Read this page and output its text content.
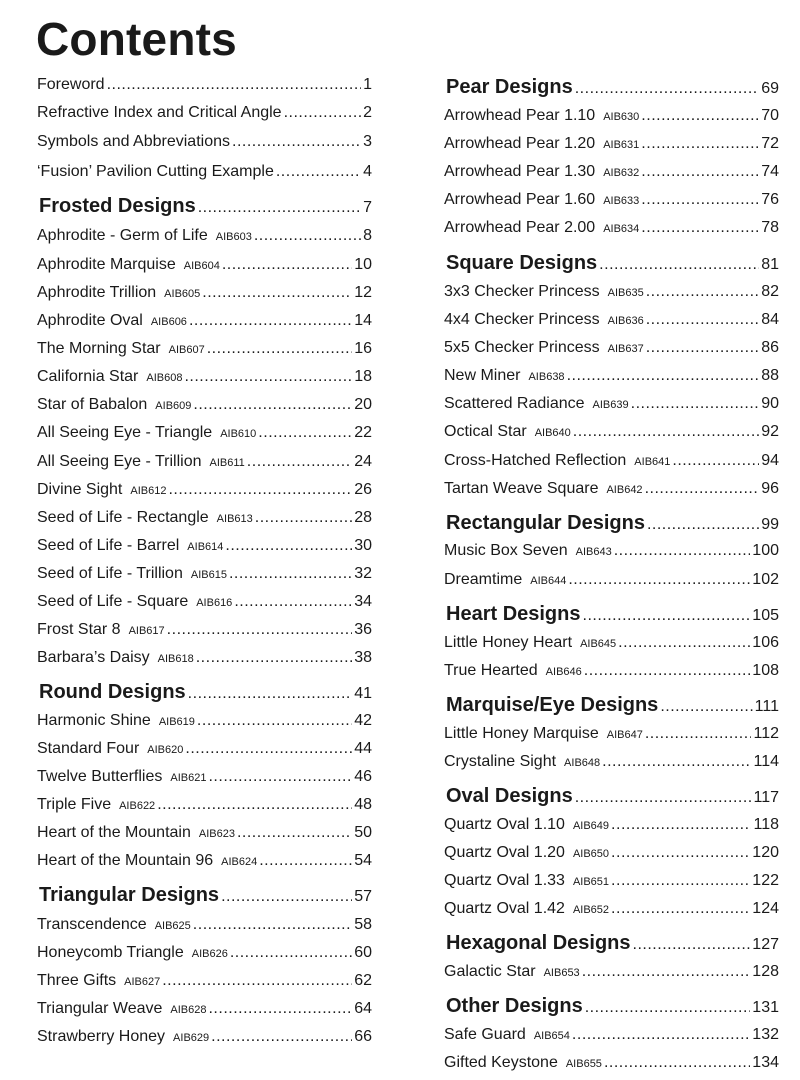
Contents
Foreword .....	1
Refractive Index and Critical Angle .....	2
Symbols and Abbreviations .....	3
‘Fusion’ Pavilion Cutting Example .....	4
Frosted Designs .....	7
Aphrodite - Germ of Life AIB603 .....	8
Aphrodite Marquise AIB604 .....	10
Aphrodite Trillion AIB605 .....	12
Aphrodite Oval AIB606 .....	14
The Morning Star AIB607 .....	16
California Star AIB608 .....	18
Star of Babalon AIB609 .....	20
All Seeing Eye - Triangle AIB610 .....	22
All Seeing Eye - Trillion AIB611 .....	24
Divine Sight AIB612 .....	26
Seed of Life - Rectangle AIB613 .....	28
Seed of Life - Barrel AIB614 .....	30
Seed of Life - Trillion AIB615 .....	32
Seed of Life - Square AIB616 .....	34
Frost Star 8 AIB617 .....	36
Barbara’s Daisy AIB618 .....	38
Round Designs .....	41
Harmonic Shine AIB619 .....	42
Standard Four AIB620 .....	44
Twelve Butterflies AIB621 .....	46
Triple Five AIB622 .....	48
Heart of the Mountain AIB623 .....	50
Heart of the Mountain 96 AIB624 .....	54
Triangular Designs .....	57
Transcendence AIB625 .....	58
Honeycomb Triangle AIB626 .....	60
Three Gifts AIB627 .....	62
Triangular Weave AIB628 .....	64
Strawberry Honey AIB629 .....	66
Pear Designs .....	69
Arrowhead Pear 1.10 AIB630 .....	70
Arrowhead Pear 1.20 AIB631 .....	72
Arrowhead Pear 1.30 AIB632 .....	74
Arrowhead Pear 1.60 AIB633 .....	76
Arrowhead Pear 2.00 AIB634 .....	78
Square Designs .....	81
3x3 Checker Princess AIB635 .....	82
4x4 Checker Princess AIB636 .....	84
5x5 Checker Princess AIB637 .....	86
New Miner AIB638 .....	88
Scattered Radiance AIB639 .....	90
Octical Star AIB640 .....	92
Cross-Hatched Reflection AIB641 .....	94
Tartan Weave Square AIB642 .....	96
Rectangular Designs .....	99
Music Box Seven AIB643 .....	100
Dreamtime AIB644 .....	102
Heart Designs .....	105
Little Honey Heart AIB645 .....	106
True Hearted AIB646 .....	108
Marquise/Eye Designs .....	111
Little Honey Marquise AIB647 .....	112
Crystaline Sight AIB648 .....	114
Oval Designs .....	117
Quartz Oval 1.10 AIB649 .....	118
Quartz Oval 1.20 AIB650 .....	120
Quartz Oval 1.33 AIB651 .....	122
Quartz Oval 1.42 AIB652 .....	124
Hexagonal Designs .....	127
Galactic Star AIB653 .....	128
Other Designs .....	131
Safe Guard AIB654 .....	132
Gifted Keystone AIB655 .....	134
